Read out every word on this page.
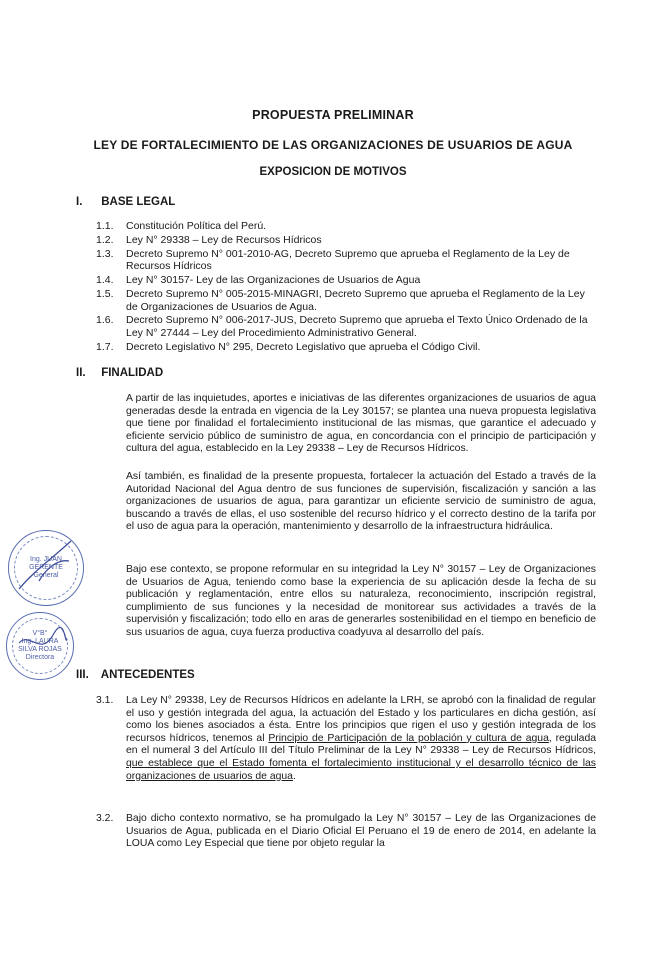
PROPUESTA PRELIMINAR
LEY DE FORTALECIMIENTO DE LAS ORGANIZACIONES DE USUARIOS DE AGUA
EXPOSICION DE MOTIVOS
I. BASE LEGAL
1.1. Constitución Política del Perú.
1.2. Ley N° 29338 – Ley de Recursos Hídricos
1.3. Decreto Supremo N° 001-2010-AG, Decreto Supremo que aprueba el Reglamento de la Ley de Recursos Hídricos
1.4. Ley N° 30157- Ley de las Organizaciones de Usuarios de Agua
1.5. Decreto Supremo N° 005-2015-MINAGRI, Decreto Supremo que aprueba el Reglamento de la Ley de Organizaciones de Usuarios de Agua.
1.6. Decreto Supremo N° 006-2017-JUS, Decreto Supremo que aprueba el Texto Único Ordenado de la Ley N° 27444 – Ley del Procedimiento Administrativo General.
1.7. Decreto Legislativo N° 295, Decreto Legislativo que aprueba el Código Civil.
II. FINALIDAD

A partir de las inquietudes, aportes e iniciativas de las diferentes organizaciones de usuarios de agua generadas desde la entrada en vigencia de la Ley 30157; se plantea una nueva propuesta legislativa que tiene por finalidad el fortalecimiento institucional de las mismas, que garantice el adecuado y eficiente servicio público de suministro de agua, en concordancia con el principio de participación y cultura del agua, establecido en la Ley 29338 – Ley de Recursos Hídricos.

Así también, es finalidad de la presente propuesta, fortalecer la actuación del Estado a través de la Autoridad Nacional del Agua dentro de sus funciones de supervisión, fiscalización y sanción a las organizaciones de usuarios de agua, para garantizar un eficiente servicio de suministro de agua, buscando a través de ellas, el uso sostenible del recurso hídrico y el correcto destino de la tarifa por el uso de agua para la operación, mantenimiento y desarrollo de la infraestructura hidráulica.

Bajo ese contexto, se propone reformular en su integridad la Ley N° 30157 – Ley de Organizaciones de Usuarios de Agua, teniendo como base la experiencia de su aplicación desde la fecha de su publicación y reglamentación, entre ellos su naturaleza, reconocimiento, inscripción registral, cumplimiento de sus funciones y la necesidad de monitorear sus actividades a través de la supervisión y fiscalización; todo ello en aras de generarles sostenibilidad en el tiempo en beneficio de sus usuarios de agua, cuya fuerza productiva coadyuva al desarrollo del país.

III. ANTECEDENTES
3.1. La Ley N° 29338, Ley de Recursos Hídricos en adelante la LRH, se aprobó con la finalidad de regular el uso y gestión integrada del agua, la actuación del Estado y los particulares en dicha gestión, así como los bienes asociados a ésta. Entre los principios que rigen el uso y gestión integrada de los recursos hídricos, tenemos al Principio de Participación de la población y cultura de agua, regulada en el numeral 3 del Artículo III del Título Preliminar de la Ley N° 29338 – Ley de Recursos Hídricos, que establece que el Estado fomenta el fortalecimiento institucional y el desarrollo técnico de las organizaciones de usuarios de agua.
3.2. Bajo dicho contexto normativo, se ha promulgado la Ley N° 30157 – Ley de las Organizaciones de Usuarios de Agua, publicada en el Diario Oficial El Peruano el 19 de enero de 2014, en adelante la LOUA como Ley Especial que tiene por objeto regular la
Ing. JUAN
GERENTE
General
V°B°
Ing. LAURA
SILVA ROJAS
Directora
